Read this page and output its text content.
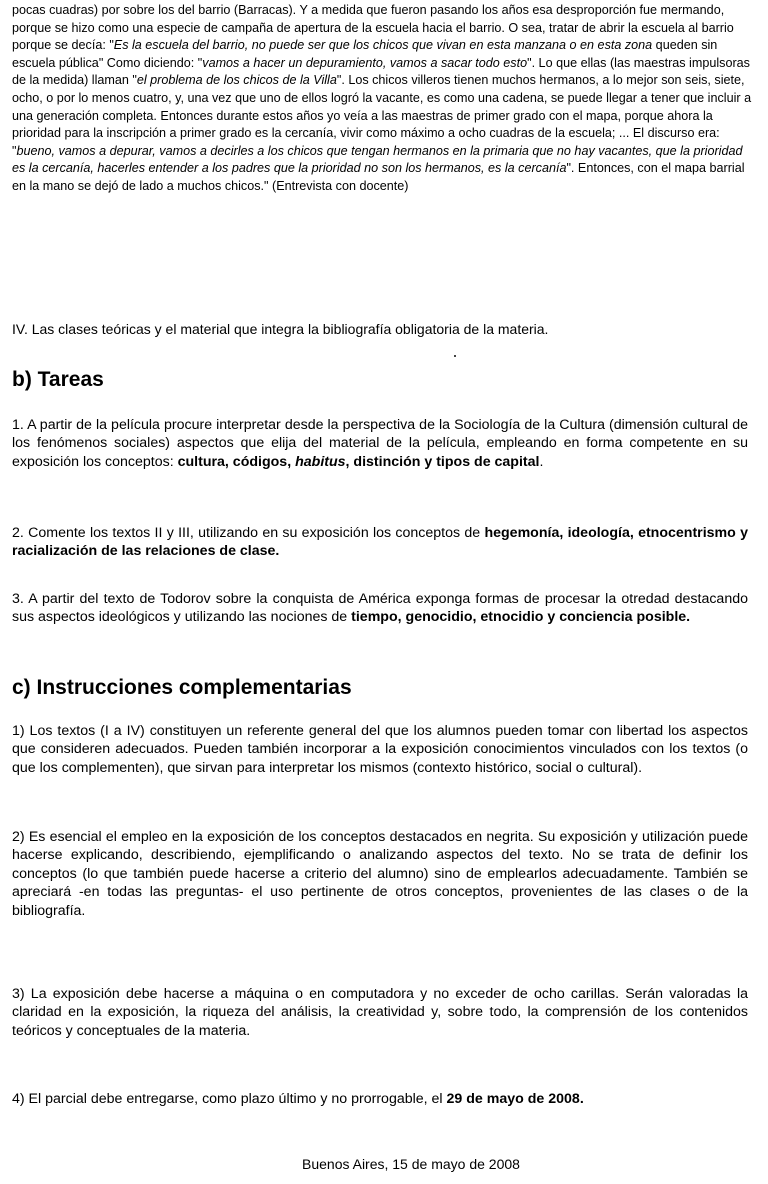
pocas cuadras) por sobre los del barrio (Barracas). Y a medida que fueron pasando los años esa desproporción fue mermando, porque se hizo como una especie de campaña de apertura de la escuela hacia el barrio. O sea, tratar de abrir la escuela al barrio porque se decía: "Es la escuela del barrio, no puede ser que los chicos que vivan en esta manzana o en esta zona queden sin escuela pública" Como diciendo: "vamos a hacer un depuramiento, vamos a sacar todo esto". Lo que ellas (las maestras impulsoras de la medida) llaman "el problema de los chicos de la Villa". Los chicos villeros tienen muchos hermanos, a lo mejor son seis, siete, ocho, o por lo menos cuatro, y, una vez que uno de ellos logró la vacante, es como una cadena, se puede llegar a tener que incluir a una generación completa. Entonces durante estos años yo veía a las maestras de primer grado con el mapa, porque ahora la prioridad para la inscripción a primer grado es la cercanía, vivir como máximo a ocho cuadras de la escuela; ... El discurso era: "bueno, vamos a depurar, vamos a decirles a los chicos que tengan hermanos en la primaria que no hay vacantes, que la prioridad es la cercanía, hacerles entender a los padres que la prioridad no son los hermanos, es la cercanía". Entonces, con el mapa barrial en la mano se dejó de lado a muchos chicos." (Entrevista con docente)
IV. Las clases teóricas y el material que integra la bibliografía obligatoria de la materia.
b) Tareas
1. A partir de la película procure interpretar desde la perspectiva de la Sociología de la Cultura (dimensión cultural de los fenómenos sociales) aspectos que elija del material de la película, empleando en forma competente en su exposición los conceptos: cultura, códigos, habitus, distinción y tipos de capital.
2. Comente los textos II y III, utilizando en su exposición los conceptos de hegemonía, ideología, etnocentrismo y racialización de las relaciones de clase.
3. A partir del texto de Todorov sobre la conquista de América exponga formas de procesar la otredad destacando sus aspectos ideológicos y utilizando las nociones de tiempo, genocidio, etnocidio y conciencia posible.
c) Instrucciones complementarias
1) Los textos (I a IV) constituyen un referente general del que los alumnos pueden tomar con libertad los aspectos que consideren adecuados. Pueden también incorporar a la exposición conocimientos vinculados con los textos (o que los complementen), que sirvan para interpretar los mismos (contexto histórico, social o cultural).
2) Es esencial el empleo en la exposición de los conceptos destacados en negrita. Su exposición y utilización puede hacerse explicando, describiendo, ejemplificando o analizando aspectos del texto. No se trata de definir los conceptos (lo que también puede hacerse a criterio del alumno) sino de emplearlos adecuadamente. También se apreciará -en todas las preguntas- el uso pertinente de otros conceptos, provenientes de las clases o de la bibliografía.
3) La exposición debe hacerse a máquina o en computadora y no exceder de ocho carillas. Serán valoradas la claridad en la exposición, la riqueza del análisis, la creatividad y, sobre todo, la comprensión de los contenidos teóricos y conceptuales de la materia.
4) El parcial debe entregarse, como plazo último y no prorrogable, el 29 de mayo de 2008.
Buenos Aires, 15 de mayo de 2008
